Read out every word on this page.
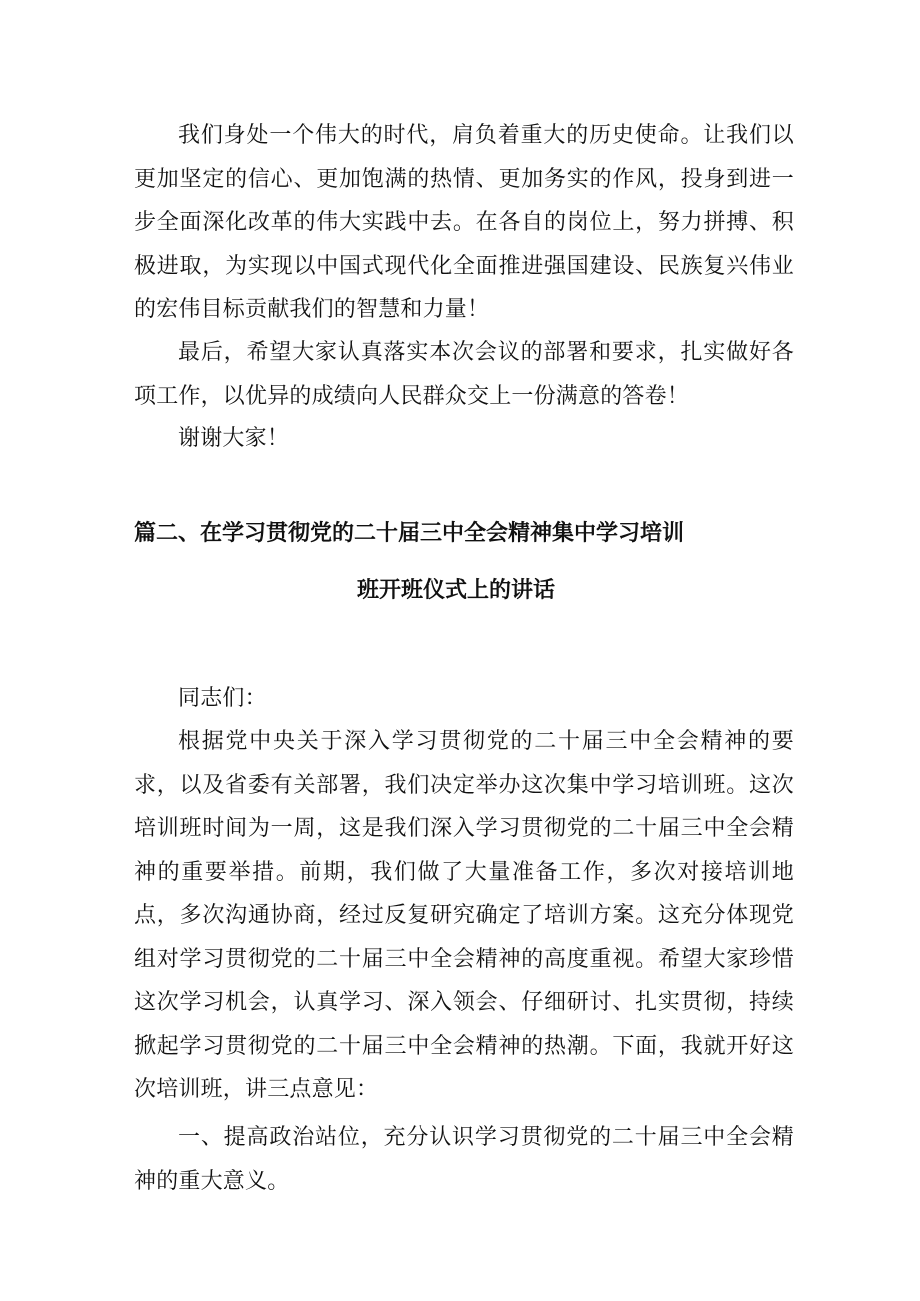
我们身处一个伟大的时代，肩负着重大的历史使命。让我们以更加坚定的信心、更加饱满的热情、更加务实的作风，投身到进一步全面深化改革的伟大实践中去。在各自的岗位上，努力拼搏、积极进取，为实现以中国式现代化全面推进强国建设、民族复兴伟业的宏伟目标贡献我们的智慧和力量！

最后，希望大家认真落实本次会议的部署和要求，扎实做好各项工作，以优异的成绩向人民群众交上一份满意的答卷！

谢谢大家！

篇二、在学习贯彻党的二十届三中全会精神集中学习培训
班开班仪式上的讲话

同志们：

根据党中央关于深入学习贯彻党的二十届三中全会精神的要求，以及省委有关部署，我们决定举办这次集中学习培训班。这次培训班时间为一周，这是我们深入学习贯彻党的二十届三中全会精神的重要举措。前期，我们做了大量准备工作，多次对接培训地点，多次沟通协商，经过反复研究确定了培训方案。这充分体现党组对学习贯彻党的二十届三中全会精神的高度重视。希望大家珍惜这次学习机会，认真学习、深入领会、仔细研讨、扎实贯彻，持续掀起学习贯彻党的二十届三中全会精神的热潮。下面，我就开好这次培训班，讲三点意见：

一、提高政治站位，充分认识学习贯彻党的二十届三中全会精神的重大意义。
